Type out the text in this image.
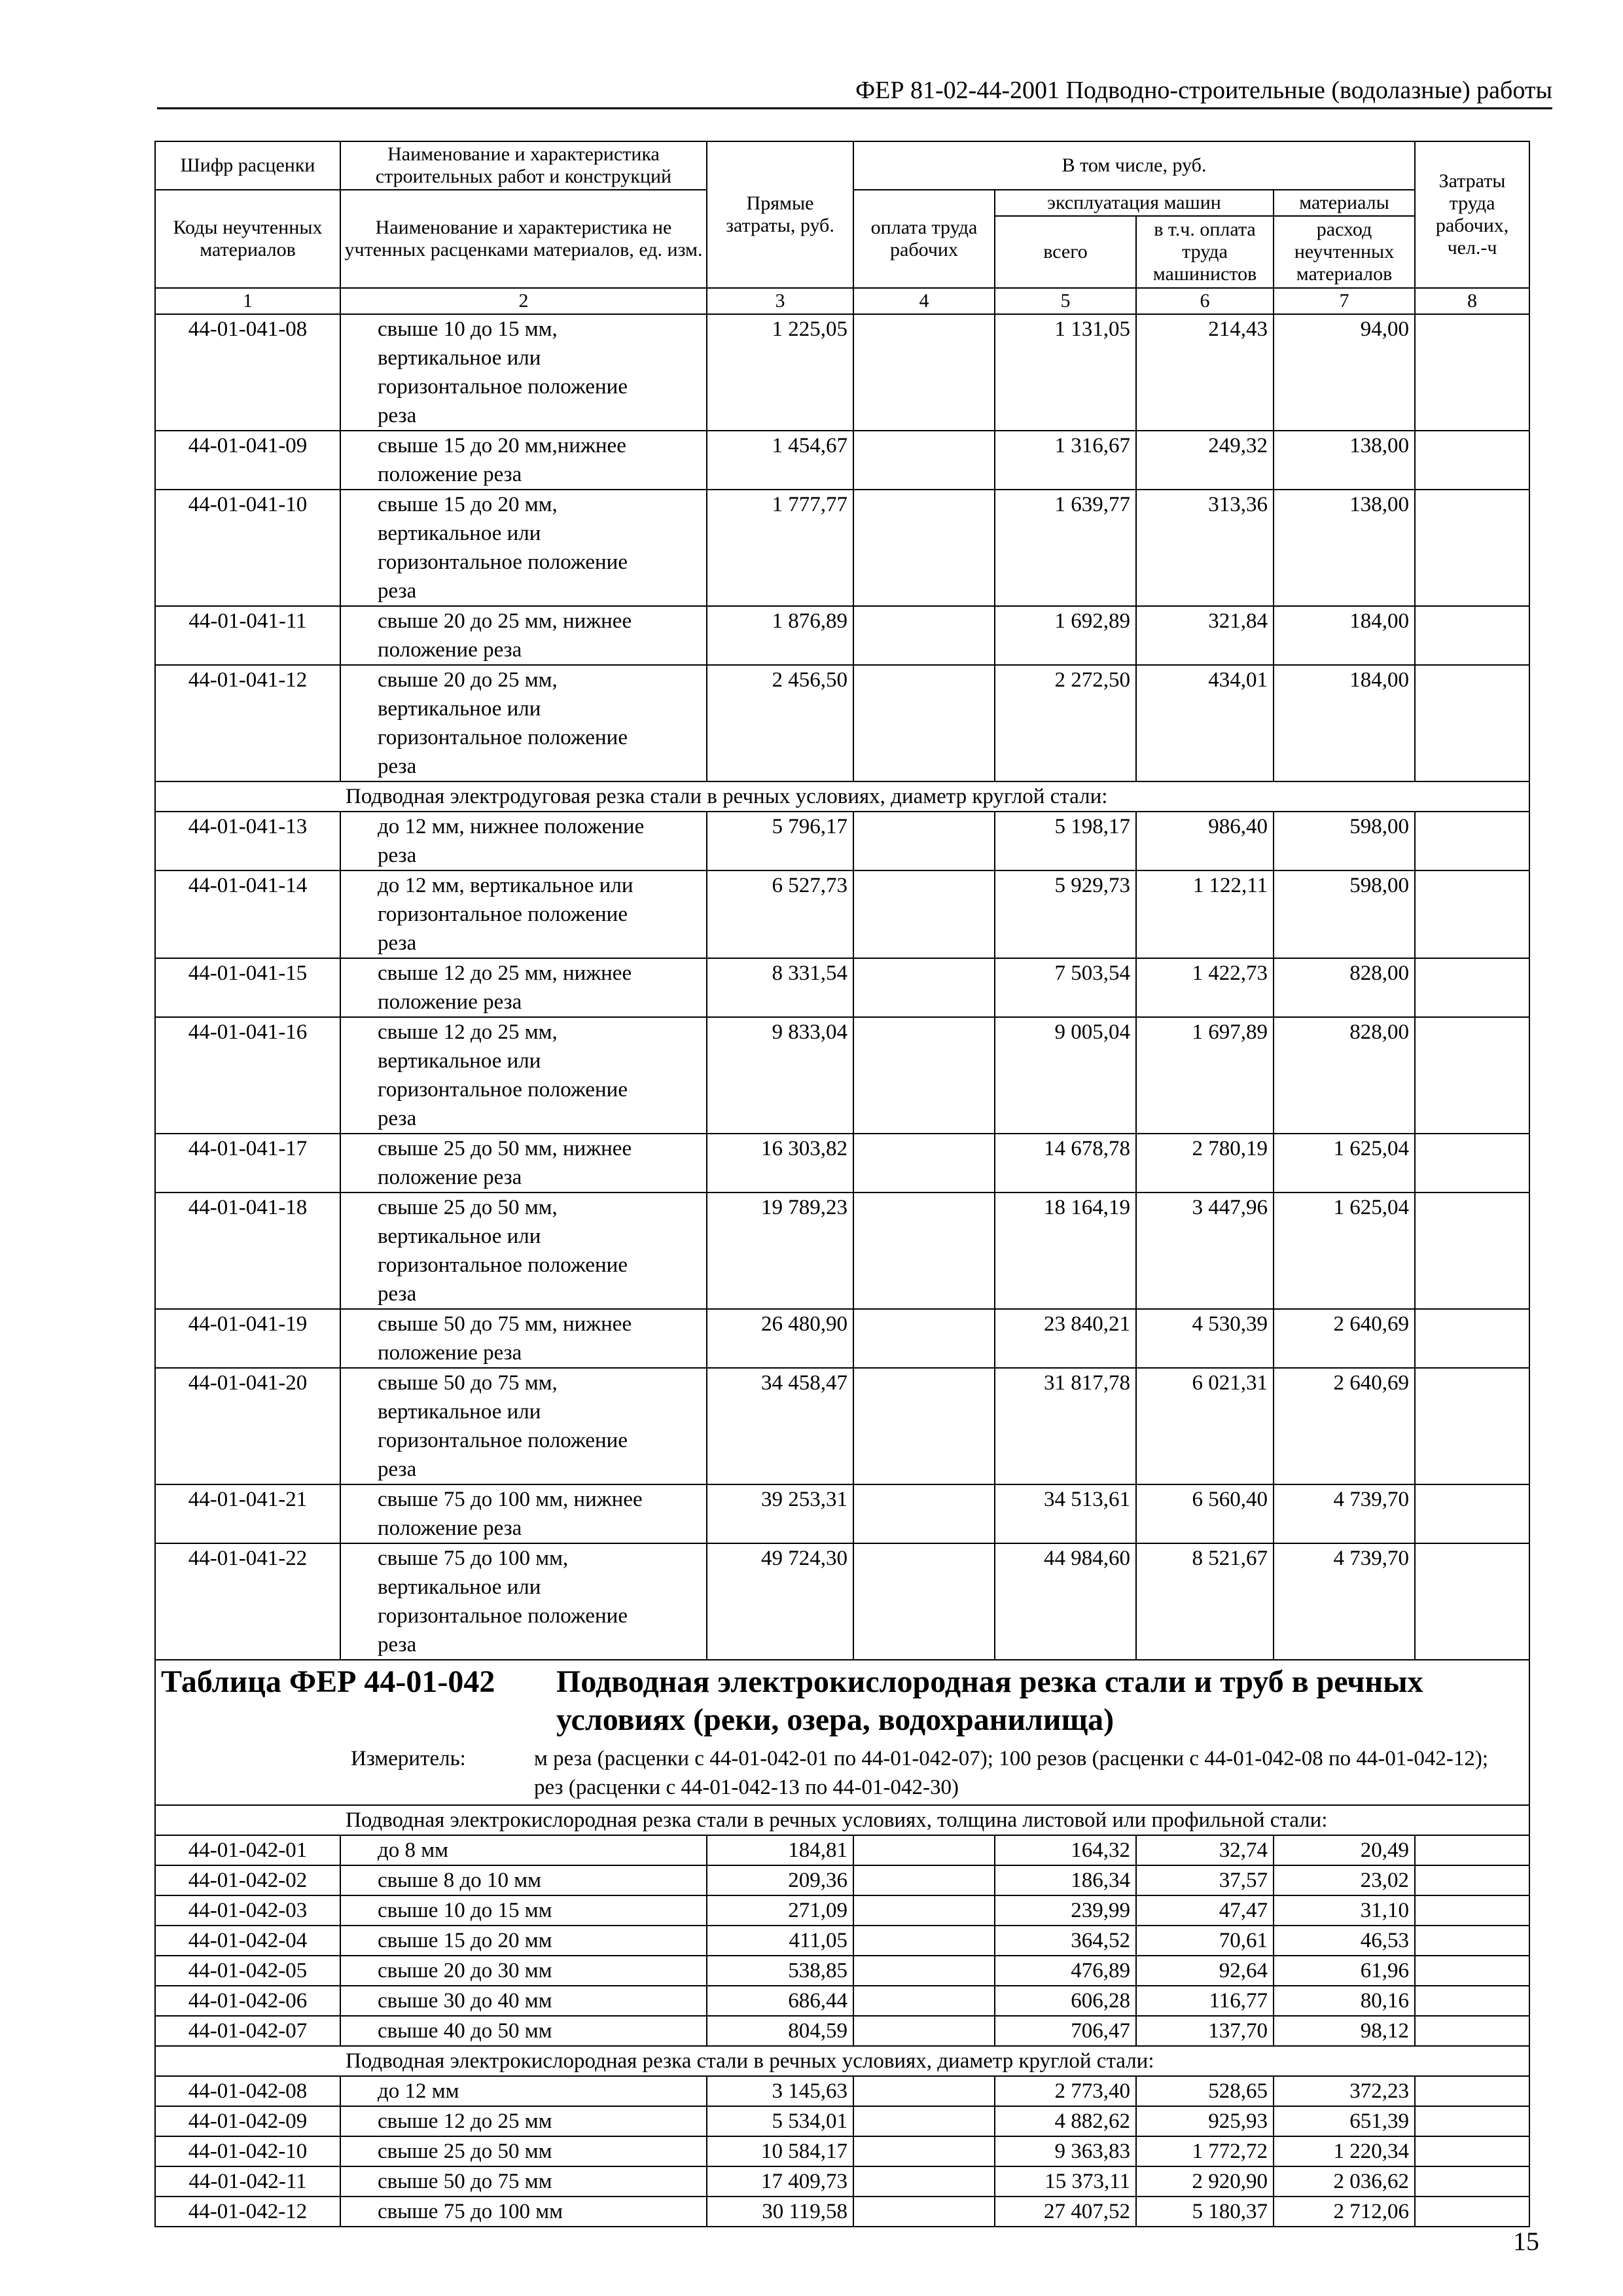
ФЕР 81-02-44-2001 Подводно-строительные (водолазные) работы
Шифр расценки	Наименование и характеристика строительных работ и конструкций	Прямые затраты, руб.	В том числе, руб.				Затраты труда рабочих, чел.-ч
Коды неучтенных материалов	Наименование и характеристика не учтенных расценками материалов, ед. изм.		оплата труда рабочих	эксплуатация машин		материалы	
				всего	в т.ч. оплата труда машинистов	расход неучтенных материалов	
1	2	3	4	5	6	7	8
44-01-041-08	свыше 10 до 15 мм,
вертикальное или
горизонтальное положение
реза	1 225,05		1 131,05	214,43	94,00	
44-01-041-09	свыше 15 до 20 мм,нижнее
положение реза	1 454,67		1 316,67	249,32	138,00	
44-01-041-10	свыше 15 до 20 мм,
вертикальное или
горизонтальное положение
реза	1 777,77		1 639,77	313,36	138,00	
44-01-041-11	свыше 20 до 25 мм, нижнее
положение реза	1 876,89		1 692,89	321,84	184,00	
44-01-041-12	свыше 20 до 25 мм,
вертикальное или
горизонтальное положение
реза	2 456,50		2 272,50	434,01	184,00	
Подводная электродуговая резка стали в речных условиях, диаметр круглой стали:							
44-01-041-13	до 12 мм, нижнее положение
реза	5 796,17		5 198,17	986,40	598,00	
44-01-041-14	до 12 мм, вертикальное или
горизонтальное положение
реза	6 527,73		5 929,73	1 122,11	598,00	
44-01-041-15	свыше 12 до 25 мм, нижнее
положение реза	8 331,54		7 503,54	1 422,73	828,00	
44-01-041-16	свыше 12 до 25 мм,
вертикальное или
горизонтальное положение
реза	9 833,04		9 005,04	1 697,89	828,00	
44-01-041-17	свыше 25 до 50 мм, нижнее
положение реза	16 303,82		14 678,78	2 780,19	1 625,04	
44-01-041-18	свыше 25 до 50 мм,
вертикальное или
горизонтальное положение
реза	19 789,23		18 164,19	3 447,96	1 625,04	
44-01-041-19	свыше 50 до 75 мм, нижнее
положение реза	26 480,90		23 840,21	4 530,39	2 640,69	
44-01-041-20	свыше 50 до 75 мм,
вертикальное или
горизонтальное положение
реза	34 458,47		31 817,78	6 021,31	2 640,69	
44-01-041-21	свыше 75 до 100 мм, нижнее
положение реза	39 253,31		34 513,61	6 560,40	4 739,70	
44-01-041-22	свыше 75 до 100 мм,
вертикальное или
горизонтальное положение
реза	49 724,30		44 984,60	8 521,67	4 739,70	

Таблица ФЕР 44-01-042 Подводная электрокислородная резка стали и труб в речных
условиях (реки, озера, водохранилища)
Измеритель: м реза (расценки с 44-01-042-01 по 44-01-042-07); 100 резов (расценки с 44-01-042-08 по 44-01-042-12); рез (расценки с 44-01-042-13 по 44-01-042-30)							

Подводная электрокислородная резка стали в речных условиях, толщина листовой или профильной стали:							
44-01-042-01	до 8 мм	184,81		164,32	32,74	20,49	
44-01-042-02	свыше 8 до 10 мм	209,36		186,34	37,57	23,02	
44-01-042-03	свыше 10 до 15 мм	271,09		239,99	47,47	31,10	
44-01-042-04	свыше 15 до 20 мм	411,05		364,52	70,61	46,53	
44-01-042-05	свыше 20 до 30 мм	538,85		476,89	92,64	61,96	
44-01-042-06	свыше 30 до 40 мм	686,44		606,28	116,77	80,16	
44-01-042-07	свыше 40 до 50 мм	804,59		706,47	137,70	98,12	
Подводная электрокислородная резка стали в речных условиях, диаметр круглой стали:							
44-01-042-08	до 12 мм	3 145,63		2 773,40	528,65	372,23	
44-01-042-09	свыше 12 до 25 мм	5 534,01		4 882,62	925,93	651,39	
44-01-042-10	свыше 25 до 50 мм	10 584,17		9 363,83	1 772,72	1 220,34	
44-01-042-11	свыше 50 до 75 мм	17 409,73		15 373,11	2 920,90	2 036,62	
44-01-042-12	свыше 75 до 100 мм	30 119,58		27 407,52	5 180,37	2 712,06	
15
